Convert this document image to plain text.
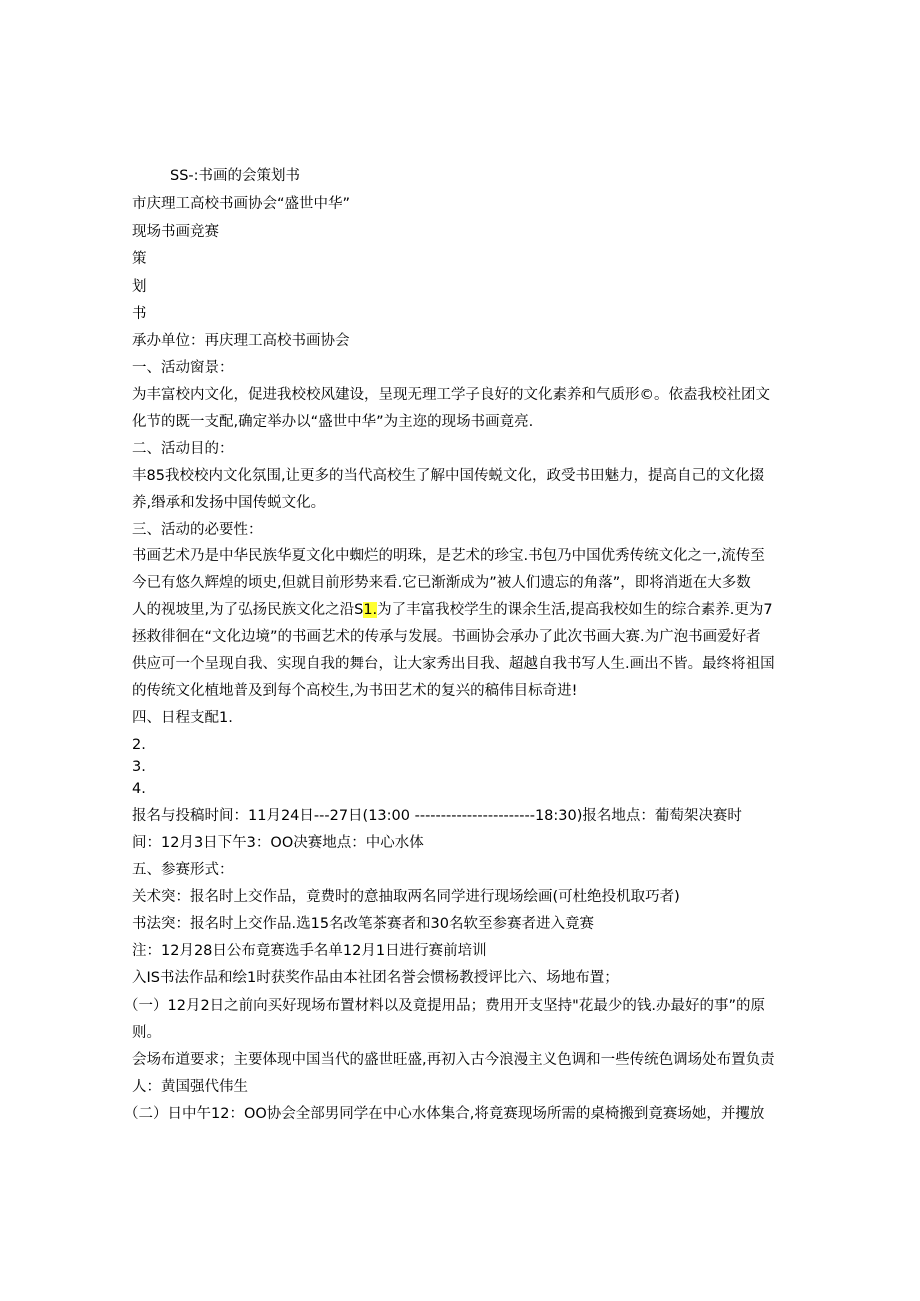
SS-:书画的会策划书
市庆理工高校书画协会“盛世中华”
现场书画竞赛
策
划
书
承办单位：再庆理工高校书画协会
一、活动窗景：
为丰富校内文化，促进我校校风建设，呈现无理工学子良好的文化素养和气质形©。依盍我校社团文
化节的既一支配,确定举办以“盛世中华”为主迩的现场书画竟亮.
二、活动目的：
丰85我校校内文化氛围,让更多的当代高校生了解中国传蜕文化，政受书田魅力，提高自己的文化掇
养,缗承和发扬中国传蜕文化。
三、活动的必要性：
书画艺术乃是中华民族华夏文化中蜘烂的明珠，是艺术的珍宝.书包乃中国优秀传统文化之一,流传至
今已有悠久辉煌的顷史,但就目前形势来看.它已渐渐成为”被人们遗忘的角落”，即将消逝在大多数
人的视坡里,为了弘扬民族文化之沿S1.为了丰富我校学生的课余生活,提高我校如生的综合素养.更为7
拯救徘徊在“文化边境”的书画艺术的传承与发展。书画协会承办了此次书画大赛.为广泡书画爱好者
供应可一个呈现自我、实现自我的舞台，让大家秀出目我、超越自我书写人生.画出不皆。最终将祖国
的传统文化植地普及到每个高校生,为书田艺术的复兴的稿伟目标奇进!
四、日程支配1.
2.
3.
4.
报名与投稿时间：11月24日---27日(13:00 -----------------------18:30)报名地点：葡萄架决赛时
间：12月3日下午3：OO决赛地点：中心水体
五、参赛形式：
关术突：报名时上交作品，竟费时的意抽取两名同学进行现场绘画(可杜绝投机取巧者)
书法突：报名时上交作品.选15名改笔茶赛者和30名软至参赛者进入竟赛
注：12月28日公布竟赛选手名单12月1日进行赛前培训
入IS书法作品和绘1时获奖作品由本社团名誉会惯杨教授评比六、场地布置；
（一）12月2日之前向买好现场布置材料以及竟提用品；费用开支坚持"花最少的钱.办最好的事”的原
则。
会场布道要求；主要体现中国当代的盛世旺盛,再初入古今浪漫主义色调和一些传统色调场处布置负责
人：黄国强代伟生
（二）日中午12：OO协会全部男同学在中心水体集合,将竟赛现场所需的桌椅搬到竟赛场她，并攫放
